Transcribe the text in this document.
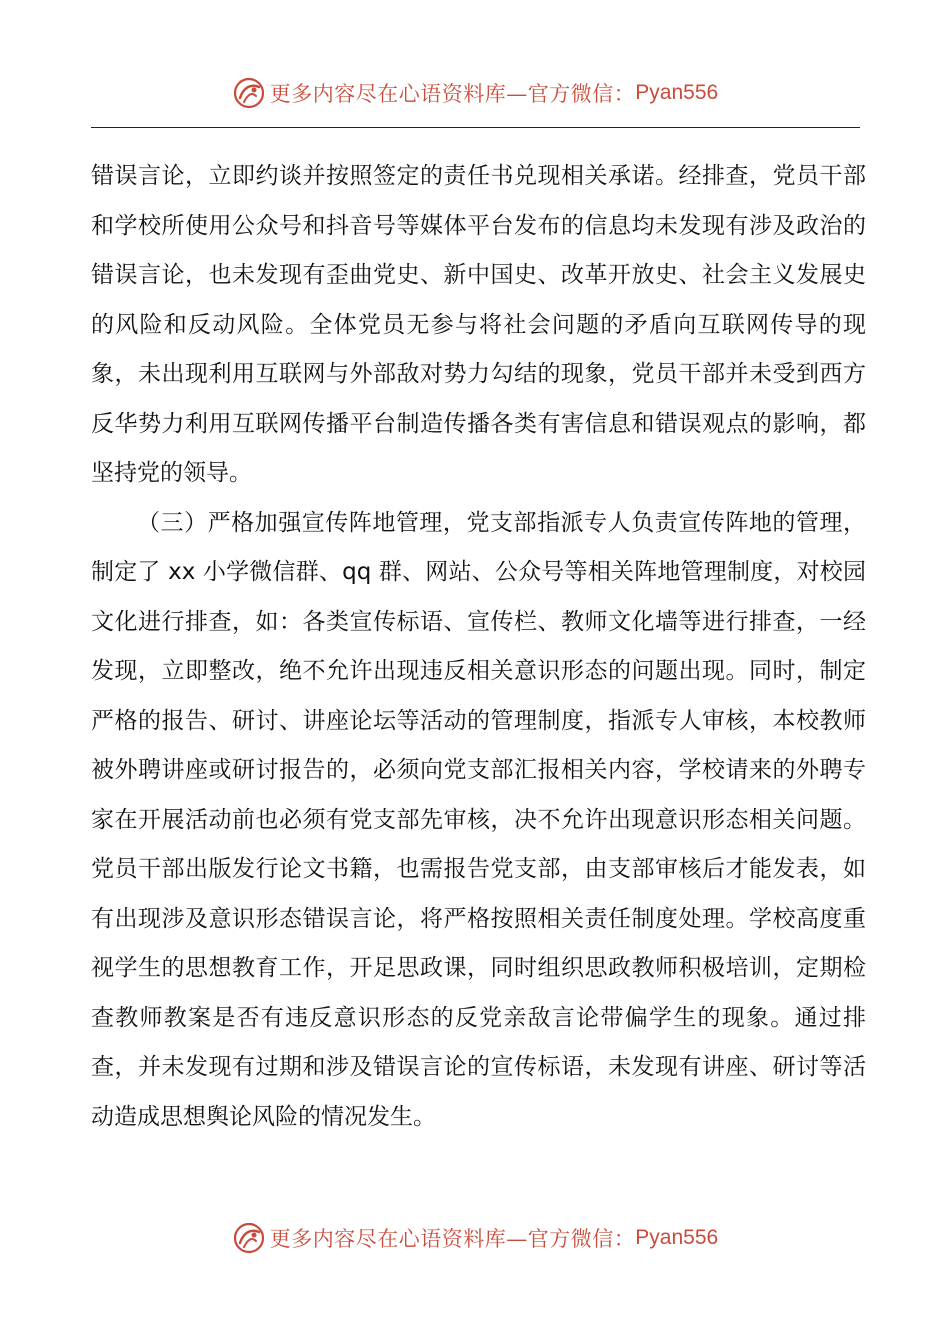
更多内容尽在心语资料库—官方微信： Pyan556

错误言论，立即约谈并按照签定的责任书兑现相关承诺。经排查，党员干部和学校所使用公众号和抖音号等媒体平台发布的信息均未发现有涉及政治的错误言论，也未发现有歪曲党史、新中国史、改革开放史、社会主义发展史的风险和反动风险。全体党员无参与将社会问题的矛盾向互联网传导的现象，未出现利用互联网与外部敌对势力勾结的现象，党员干部并未受到西方反华势力利用互联网传播平台制造传播各类有害信息和错误观点的影响，都坚持党的领导。

（三）严格加强宣传阵地管理，党支部指派专人负责宣传阵地的管理，制定了 xx 小学微信群、qq 群、网站、公众号等相关阵地管理制度，对校园文化进行排查，如：各类宣传标语、宣传栏、教师文化墙等进行排查，一经发现，立即整改，绝不允许出现违反相关意识形态的问题出现。同时，制定严格的报告、研讨、讲座论坛等活动的管理制度，指派专人审核，本校教师被外聘讲座或研讨报告的，必须向党支部汇报相关内容，学校请来的外聘专家在开展活动前也必须有党支部先审核，决不允许出现意识形态相关问题。党员干部出版发行论文书籍，也需报告党支部，由支部审核后才能发表，如有出现涉及意识形态错误言论，将严格按照相关责任制度处理。学校高度重视学生的思想教育工作，开足思政课，同时组织思政教师积极培训，定期检查教师教案是否有违反意识形态的反党亲敌言论带偏学生的现象。通过排查，并未发现有过期和涉及错误言论的宣传标语，未发现有讲座、研讨等活动造成思想舆论风险的情况发生。

更多内容尽在心语资料库—官方微信： Pyan556
